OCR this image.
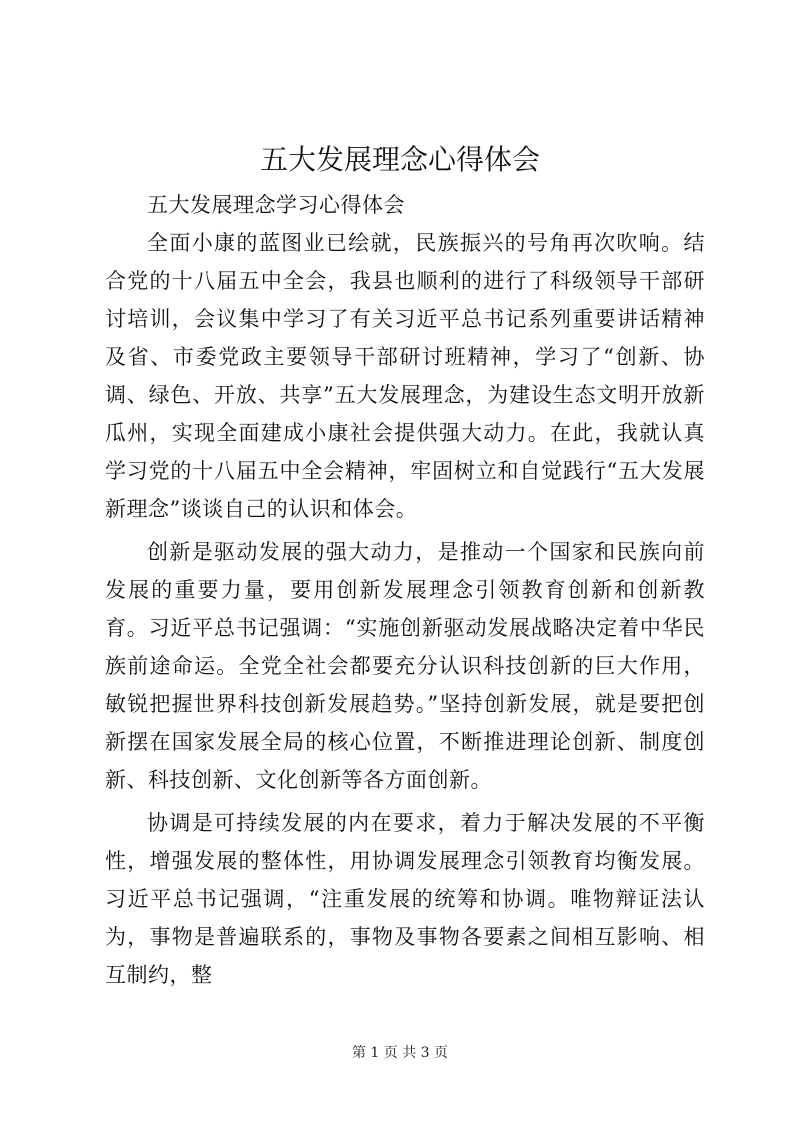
五大发展理念心得体会

五大发展理念学习心得体会

全面小康的蓝图业已绘就，民族振兴的号角再次吹响。结合党的十八届五中全会，我县也顺利的进行了科级领导干部研讨培训，会议集中学习了有关习近平总书记系列重要讲话精神及省、市委党政主要领导干部研讨班精神，学习了“创新、协调、绿色、开放、共享”五大发展理念，为建设生态文明开放新瓜州，实现全面建成小康社会提供强大动力。在此，我就认真学习党的十八届五中全会精神，牢固树立和自觉践行“五大发展新理念”谈谈自己的认识和体会。

创新是驱动发展的强大动力，是推动一个国家和民族向前发展的重要力量，要用创新发展理念引领教育创新和创新教育。习近平总书记强调：“实施创新驱动发展战略决定着中华民族前途命运。全党全社会都要充分认识科技创新的巨大作用，敏锐把握世界科技创新发展趋势。”坚持创新发展，就是要把创新摆在国家发展全局的核心位置，不断推进理论创新、制度创新、科技创新、文化创新等各方面创新。

协调是可持续发展的内在要求，着力于解决发展的不平衡性，增强发展的整体性，用协调发展理念引领教育均衡发展。习近平总书记强调，“注重发展的统筹和协调。唯物辩证法认为，事物是普遍联系的，事物及事物各要素之间相互影响、相互制约，整

第 1 页 共 3 页
